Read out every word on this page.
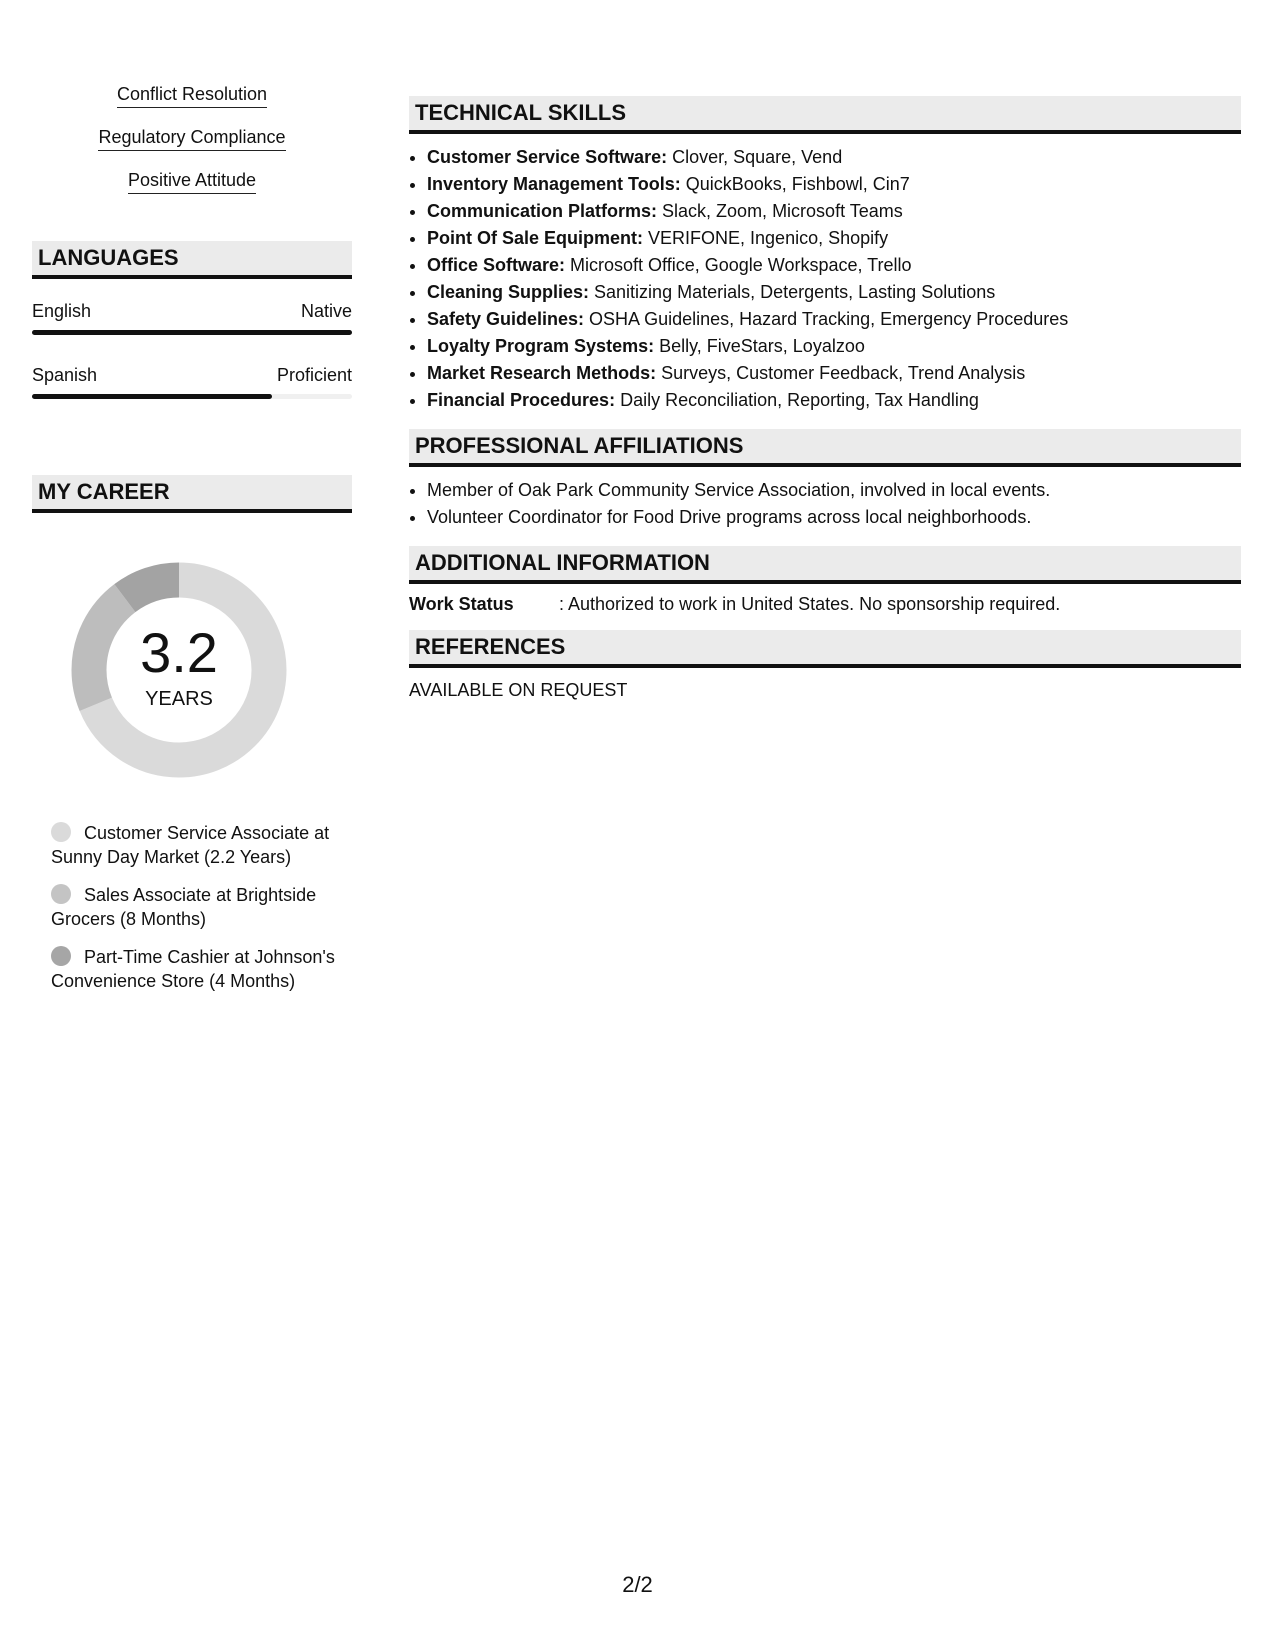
Conflict Resolution
Regulatory Compliance
Positive Attitude
LANGUAGES
English	Native
Spanish	Proficient
MY CAREER
3.2
YEARS
Customer Service Associate at Sunny Day Market (2.2 Years)
Sales Associate at Brightside Grocers (8 Months)
Part-Time Cashier at Johnson's Convenience Store (4 Months)
TECHNICAL SKILLS
• Customer Service Software: Clover, Square, Vend
• Inventory Management Tools: QuickBooks, Fishbowl, Cin7
• Communication Platforms: Slack, Zoom, Microsoft Teams
• Point Of Sale Equipment: VERIFONE, Ingenico, Shopify
• Office Software: Microsoft Office, Google Workspace, Trello
• Cleaning Supplies: Sanitizing Materials, Detergents, Lasting Solutions
• Safety Guidelines: OSHA Guidelines, Hazard Tracking, Emergency Procedures
• Loyalty Program Systems: Belly, FiveStars, Loyalzoo
• Market Research Methods: Surveys, Customer Feedback, Trend Analysis
• Financial Procedures: Daily Reconciliation, Reporting, Tax Handling
PROFESSIONAL AFFILIATIONS
• Member of Oak Park Community Service Association, involved in local events.
• Volunteer Coordinator for Food Drive programs across local neighborhoods.
ADDITIONAL INFORMATION
Work Status	: Authorized to work in United States. No sponsorship required.
REFERENCES
AVAILABLE ON REQUEST
2/2
